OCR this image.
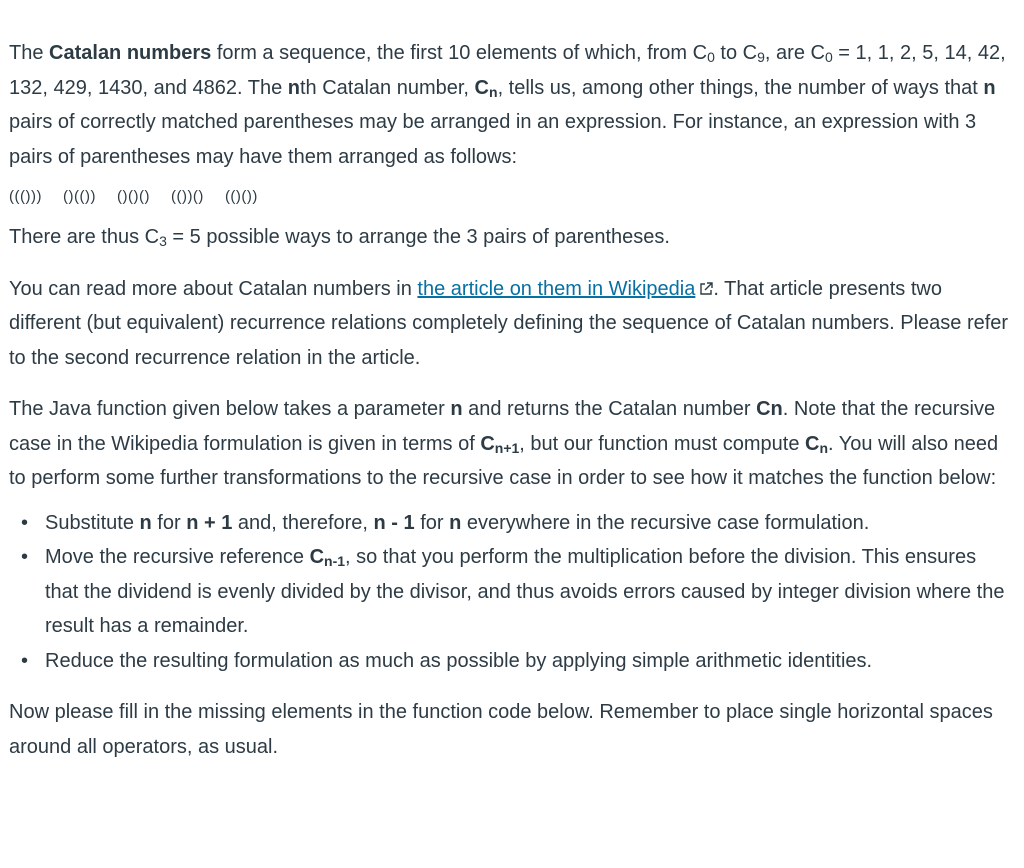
The Catalan numbers form a sequence, the first 10 elements of which, from $C_0$ to $C_9$, are $C_0 = 1$, 1, 2, 5, 14, 42, 132, 429, 1430, and 4862. The nth Catalan number, $C_n$, tells us, among other things, the number of ways that n pairs of correctly matched parentheses may be arranged in an expression. For instance, an expression with 3 pairs of parentheses may have them arranged as follows:

((())) ()(()) ()()() (())() (()())

There are thus $C_3 = 5$ possible ways to arrange the 3 pairs of parentheses.

You can read more about Catalan numbers in the article on them in Wikipedia . That article presents two different (but equivalent) recurrence relations completely defining the sequence of Catalan numbers. Please refer to the second recurrence relation in the article.

The Java function given below takes a parameter n and returns the Catalan number Cn. Note that the recursive case in the Wikipedia formulation is given in terms of $C_{n+1}$, but our function must compute $C_n$. You will also need to perform some further transformations to the recursive case in order to see how it matches the function below:

• Substitute n for n + 1 and, therefore, n - 1 for n everywhere in the recursive case formulation.
• Move the recursive reference $C_{n-1}$, so that you perform the multiplication before the division. This ensures that the dividend is evenly divided by the divisor, and thus avoids errors caused by integer division where the result has a remainder.
• Reduce the resulting formulation as much as possible by applying simple arithmetic identities.

Now please fill in the missing elements in the function code below. Remember to place single horizontal spaces around all operators, as usual.
